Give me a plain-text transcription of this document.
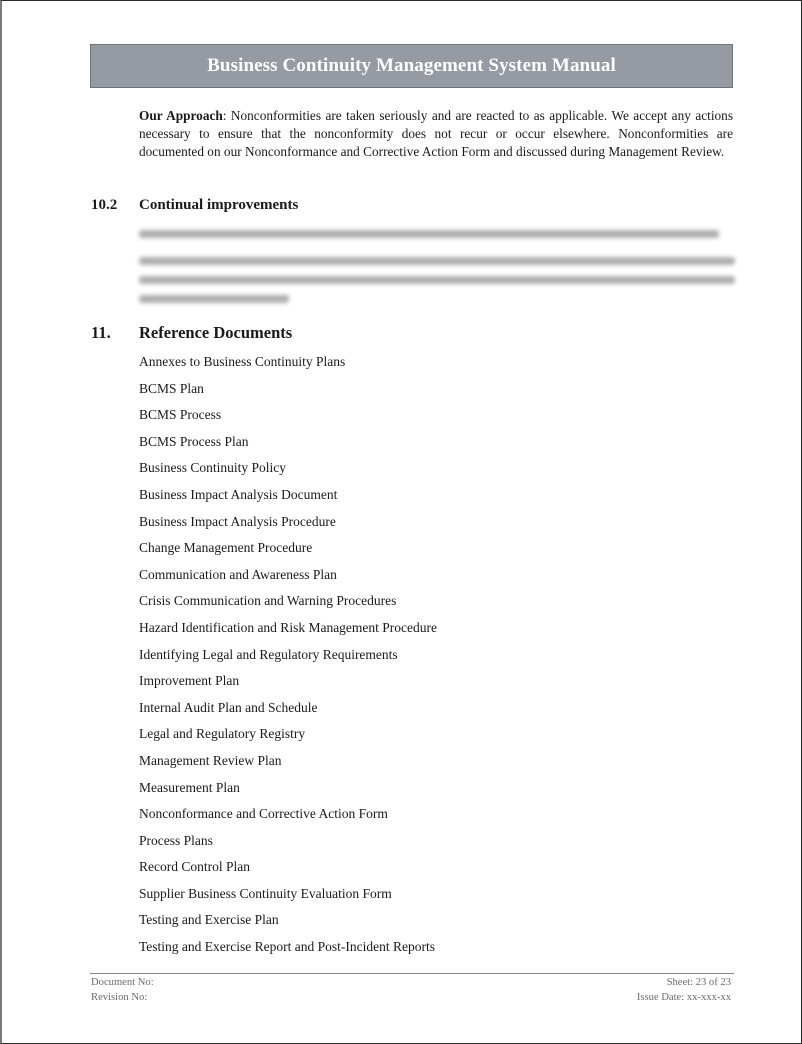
Business Continuity Management System Manual
Our Approach: Nonconformities are taken seriously and are reacted to as applicable. We accept any actions necessary to ensure that the nonconformity does not recur or occur elsewhere. Nonconformities are documented on our Nonconformance and Corrective Action Form and discussed during Management Review.
10.2	Continual improvements
11.	Reference Documents
Annexes to Business Continuity Plans
BCMS Plan
BCMS Process
BCMS Process Plan
Business Continuity Policy
Business Impact Analysis Document
Business Impact Analysis Procedure
Change Management Procedure
Communication and Awareness Plan
Crisis Communication and Warning Procedures
Hazard Identification and Risk Management Procedure
Identifying Legal and Regulatory Requirements
Improvement Plan
Internal Audit Plan and Schedule
Legal and Regulatory Registry
Management Review Plan
Measurement Plan
Nonconformance and Corrective Action Form
Process Plans
Record Control Plan
Supplier Business Continuity Evaluation Form
Testing and Exercise Plan
Testing and Exercise Report and Post-Incident Reports
Document No:
Revision No:
Sheet: 23 of 23
Issue Date: xx-xxx-xx
